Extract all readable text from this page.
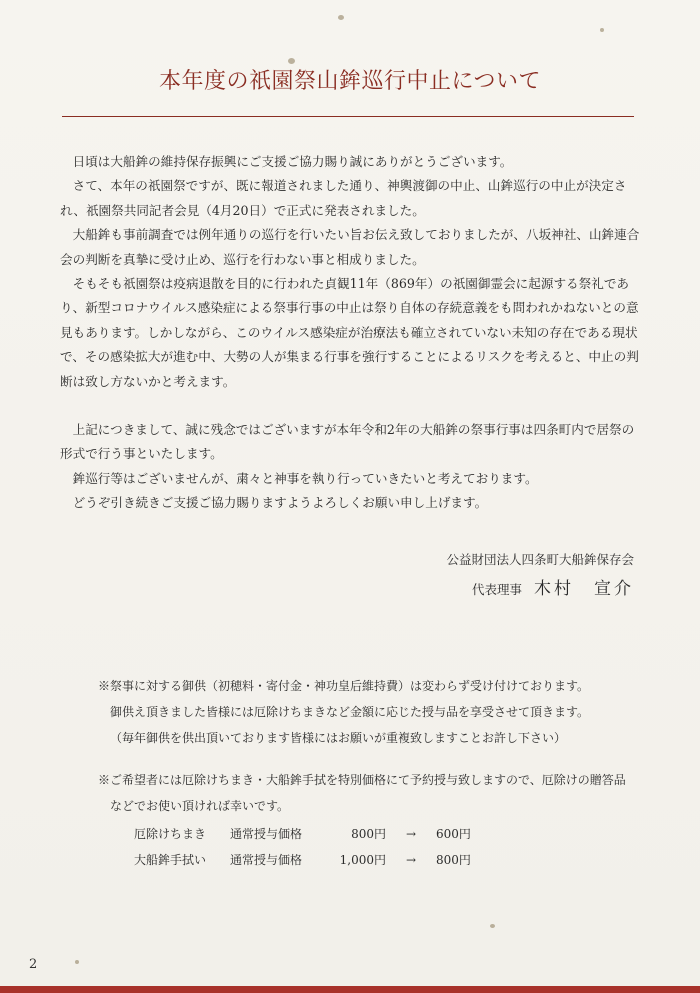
本年度の祇園祭山鉾巡行中止について

日頃は大船鉾の維持保存振興にご支援ご協力賜り誠にありがとうございます。

さて、本年の祇園祭ですが、既に報道されました通り、神輿渡御の中止、山鉾巡行の中止が決定され、祇園祭共同記者会見（4月20日）で正式に発表されました。

大船鉾も事前調査では例年通りの巡行を行いたい旨お伝え致しておりましたが、八坂神社、山鉾連合会の判断を真摯に受け止め、巡行を行わない事と相成りました。

そもそも祇園祭は疫病退散を目的に行われた貞観11年（869年）の祇園御霊会に起源する祭礼であり、新型コロナウイルス感染症による祭事行事の中止は祭り自体の存続意義をも問われかねないとの意見もあります。しかしながら、このウイルス感染症が治療法も確立されていない未知の存在である現状で、その感染拡大が進む中、大勢の人が集まる行事を強行することによるリスクを考えると、中止の判断は致し方ないかと考えます。

上記につきまして、誠に残念ではございますが本年令和2年の大船鉾の祭事行事は四条町内で居祭の形式で行う事といたします。

鉾巡行等はございませんが、粛々と神事を執り行っていきたいと考えております。

どうぞ引き続きご支援ご協力賜りますようよろしくお願い申し上げます。

公益財団法人四条町大船鉾保存会
代表理事 木村　宣介

※祭事に対する御供（初穂料・寄付金・神功皇后維持費）は変わらず受け付けております。

御供え頂きました皆様には厄除けちまきなど金額に応じた授与品を享受させて頂きます。

（毎年御供を供出頂いております皆様にはお願いが重複致しますことお許し下さい）

※ご希望者には厄除けちまき・大船鉾手拭を特別価格にて予約授与致しますので、厄除けの贈答品

などでお使い頂ければ幸いです。

厄除けちまき	通常授与価格	800円	→	600円
大船鉾手拭い	通常授与価格	1,000円	→	800円
2
